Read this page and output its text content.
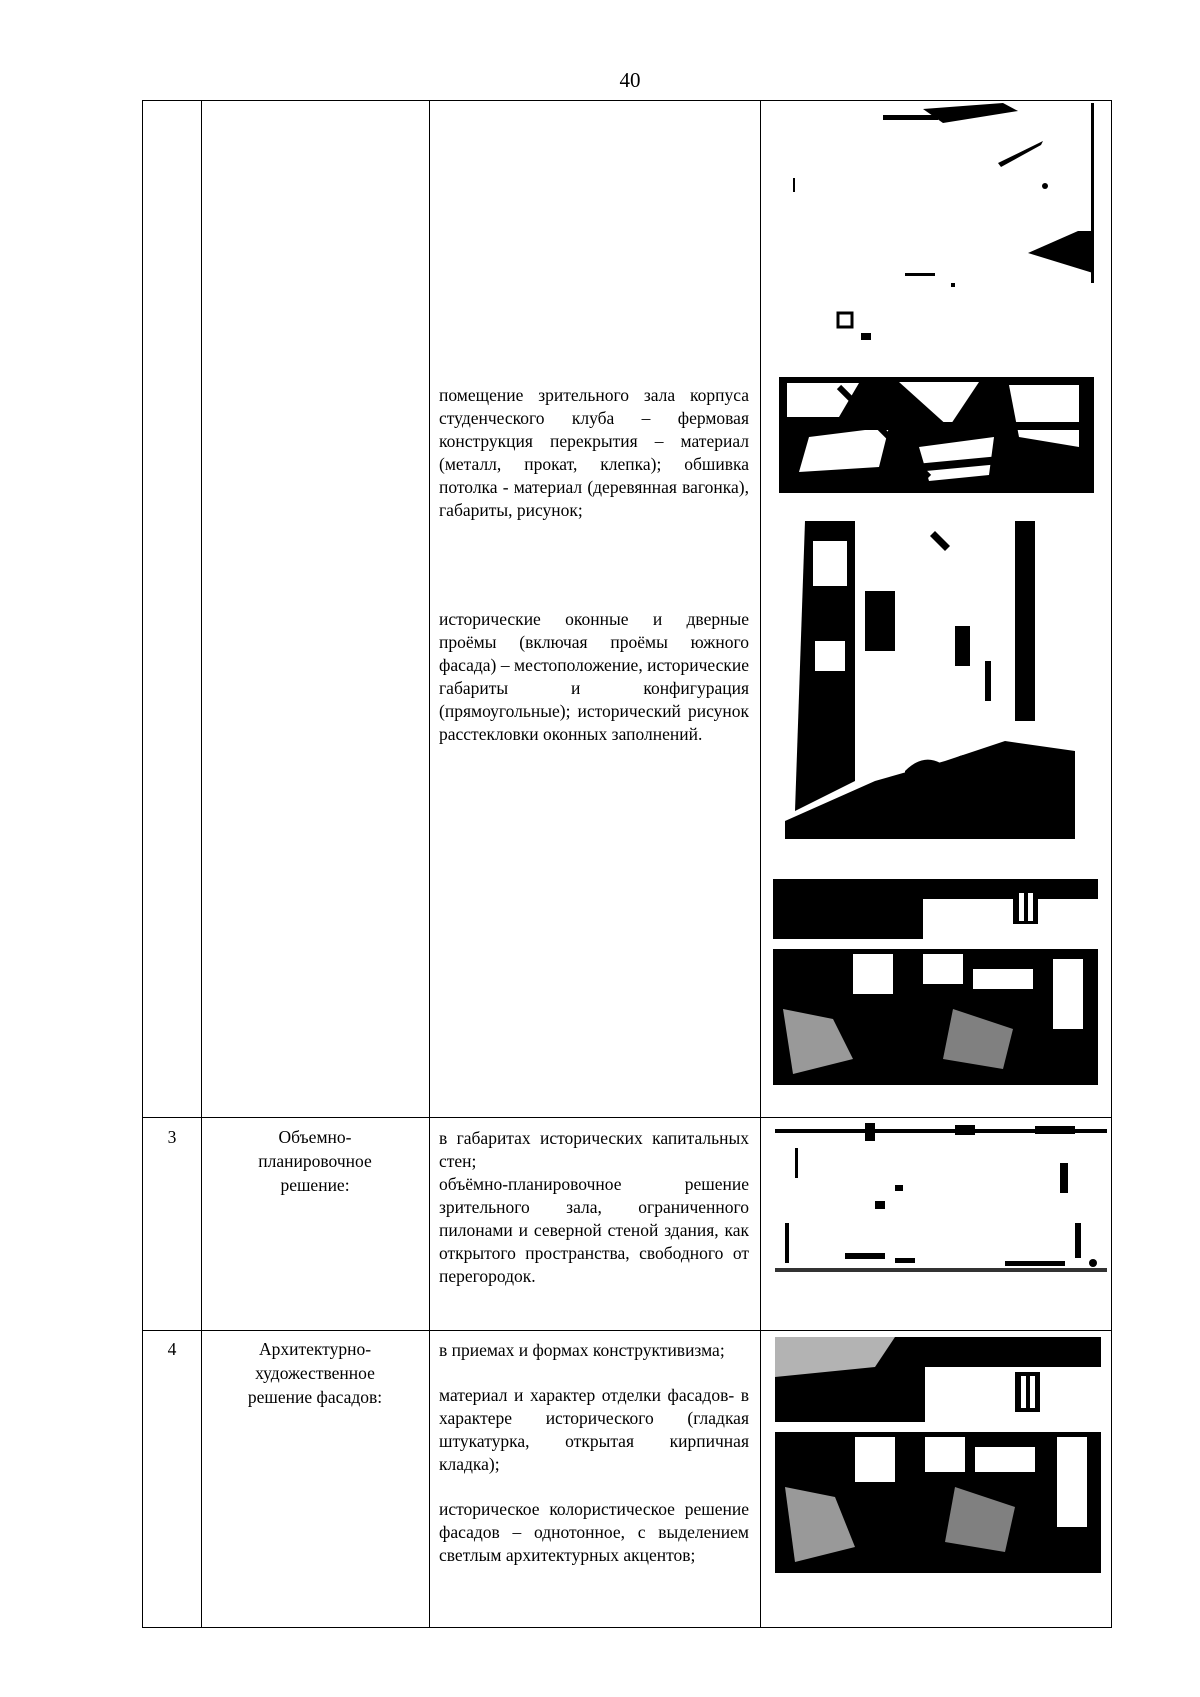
40

помещение зрительного зала корпуса студенческого клуба – фермовая конструкция перекрытия – материал (металл, прокат, клепка); обшивка потолка - материал (деревянная вагонка), габариты, рисунок;

исторические оконные и дверные проёмы (включая проёмы южного фасада) – местоположение, исторические габариты и конфигурация (прямоугольные); исторический рисунок расстекловки оконных заполнений.

3	Объемно-
планировочное
решение:

в габаритах исторических капитальных стен;

объёмно-планировочное решение зрительного зала, ограниченного пилонами и северной стеной здания, как открытого пространства, свободного от перегородок.

4	Архитектурно-
художественное
решение фасадов:

в приемах и формах конструктивизма;

материал и характер отделки фасадов- в характере исторического (гладкая штукатурка, открытая кирпичная кладка);

историческое колористическое решение фасадов – однотонное, с выделением светлым архитектурных акцентов;
